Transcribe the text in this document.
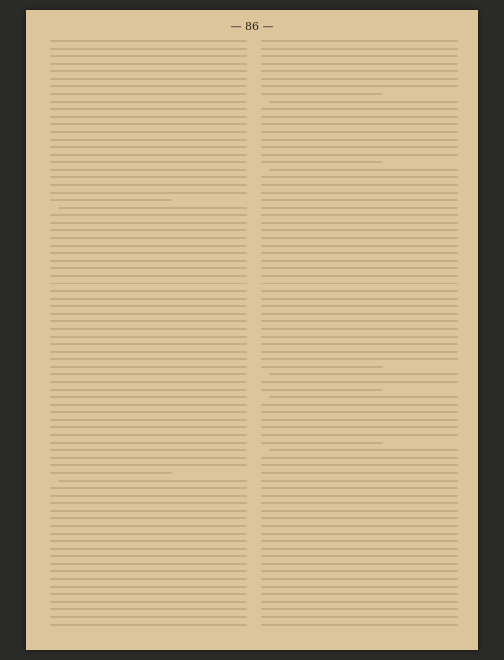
— 86 —
